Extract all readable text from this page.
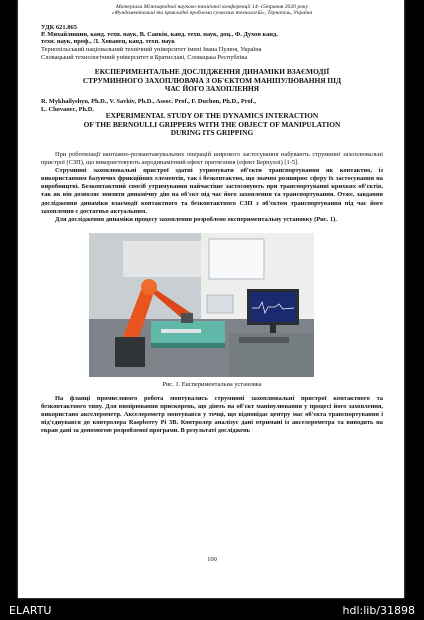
Матеріали Міжнародної науково-технічної конференції 14–15травня 2020 року
«Фундаментальні та прикладні проблеми сучасних технологій», Тернопіль, Україна
УДК 621.865
Р. Михайлишин, канд. техн. наук, В. Савків, канд. техн. наук, доц., Ф. Духон канд.
техн. наук, проф., Л. Хованец, канд. техн. наук
Тернопільський національний технічний університет імені Івана Пулюя, Україна
Словацький технологічний університет в Братиславі, Словацька Республіка
ЕКСПЕРИМЕНТАЛЬНЕ ДОСЛІДЖЕННЯ ДИНАМІКИ ВЗАЄМОДІЇ
СТРУМИННОГО ЗАХОПЛЮВАЧА З ОБ'ЄКТОМ МАНІПУЛЮВАННЯ ПІД
ЧАС ЙОГО ЗАХОПЛЕННЯ
R. Mykhailyshyn, Ph.D., V. Savkiv, Ph.D., Assoc. Prof., F. Duchon, Ph.D., Prof.,
L. Chovanec, Ph.D.
EXPERIMENTAL STUDY OF THE DYNAMICS INTERACTION
OF THE BERNOULLI GRIPPERS WITH THE OBJECT OF MANIPULATION
DURING ITS GRIPPING

При роботизації вантажно-розвантажувальних операцій широкого застосування набувають струминні захоплювальні пристрої (СЗП), що використовують аеродинамічний ефект притягання (ефект Бернуллі) [1-5].

Струминні захоплювальні пристрої здатні утримувати об'єкти транспортування як контактно, із використанням базуючих фрикційних елементів, так і безконтактно, що значно розширює сферу їх застосування на виробництві. Безконтактний спосіб утримування найчастіше застосовують при транспортуванні крихких об'єктів, так як він дозволяє знизити динамічну дію на об'єкт під час його захоплення та транспортування. Отже, завдання дослідження динаміки взаємодії контактного та безконтактного СЗП з об'єктом транспортування під час його захоплення є достатньо актуальним.

Для дослідження динаміки процесу захоплення розроблено експериментальну установку (Рис. 1).

Рис. 1. Експериментальна установка

На фланці промислового робота монтувались струминні захоплювальні пристрої контактного та безконтактного типу. Для вимірювання прискорень, що діють на об'єкт маніпулювання у процесі його захоплення, використано акселерометр. Акселерометр монтувався у точці, що відповідає центру мас об'єкта транспортування і під'єднувався до контролера Raspberry Pi 3B. Контролер аналізує дані отримані із акселерометра та виводить на екран дані за допомогою розробленої програми. В результаті досліджень

100
ELARTU	hdl:lib/31898
